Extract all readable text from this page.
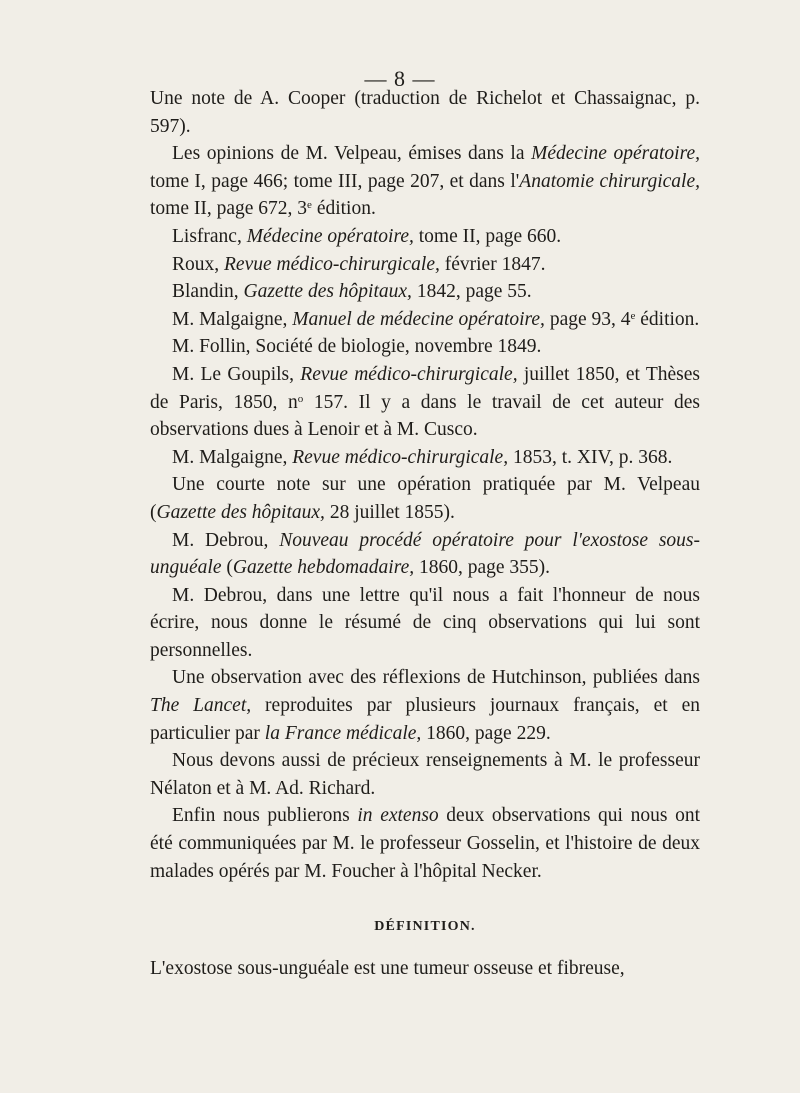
— 8 —

Une note de A. Cooper (traduction de Richelot et Chassaignac, p. 597).

Les opinions de M. Velpeau, émises dans la Médecine opératoire, tome I, page 466; tome III, page 207, et dans l'Anatomie chirurgicale, tome II, page 672, 3e édition.

Lisfranc, Médecine opératoire, tome II, page 660.

Roux, Revue médico-chirurgicale, février 1847.

Blandin, Gazette des hôpitaux, 1842, page 55.

M. Malgaigne, Manuel de médecine opératoire, page 93, 4e édition.

M. Follin, Société de biologie, novembre 1849.

M. Le Goupils, Revue médico-chirurgicale, juillet 1850, et Thèses de Paris, 1850, $n^o$ 157. Il y a dans le travail de cet auteur des observations dues à Lenoir et à M. Cusco.

M. Malgaigne, Revue médico-chirurgicale, 1853, t. XIV, p. 368.

Une courte note sur une opération pratiquée par M. Velpeau (Gazette des hôpitaux, 28 juillet 1855).

M. Debrou, Nouveau procédé opératoire pour l'exostose sous-unguéale (Gazette hebdomadaire, 1860, page 355).

M. Debrou, dans une lettre qu'il nous a fait l'honneur de nous écrire, nous donne le résumé de cinq observations qui lui sont personnelles.

Une observation avec des réflexions de Hutchinson, publiées dans The Lancet, reproduites par plusieurs journaux français, et en particulier par la France médicale, 1860, page 229.

Nous devons aussi de précieux renseignements à M. le professeur Nélaton et à M. Ad. Richard.

Enfin nous publierons in extenso deux observations qui nous ont été communiquées par M. le professeur Gosselin, et l'histoire de deux malades opérés par M. Foucher à l'hôpital Necker.

DÉFINITION.

L'exostose sous-unguéale est une tumeur osseuse et fibreuse,
